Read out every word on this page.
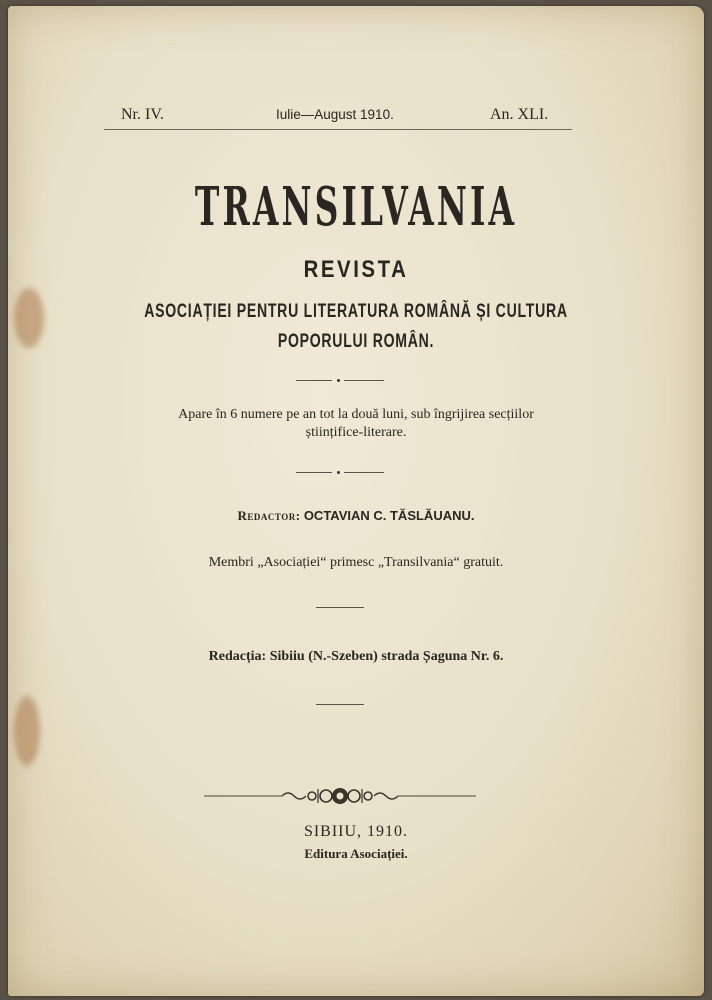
Nr. IV.	Iulie—August 1910.	An. XLI.
TRANSILVANIA
REVISTA
ASOCIAȚIEI PENTRU LITERATURA ROMÂNĂ ȘI CULTURA
POPORULUI ROMÂN.
Apare în 6 numere pe an tot la două luni, sub îngrijirea secțiilor
științifice-literare.
Redactor: OCTAVIAN C. TĂSLĂUANU.
Membri „Asociației“ primesc „Transilvania“ gratuit.
Redacția: Sibiiu (N.-Szeben) strada Șaguna Nr. 6.
SIBIIU, 1910.
Editura Asociației.
